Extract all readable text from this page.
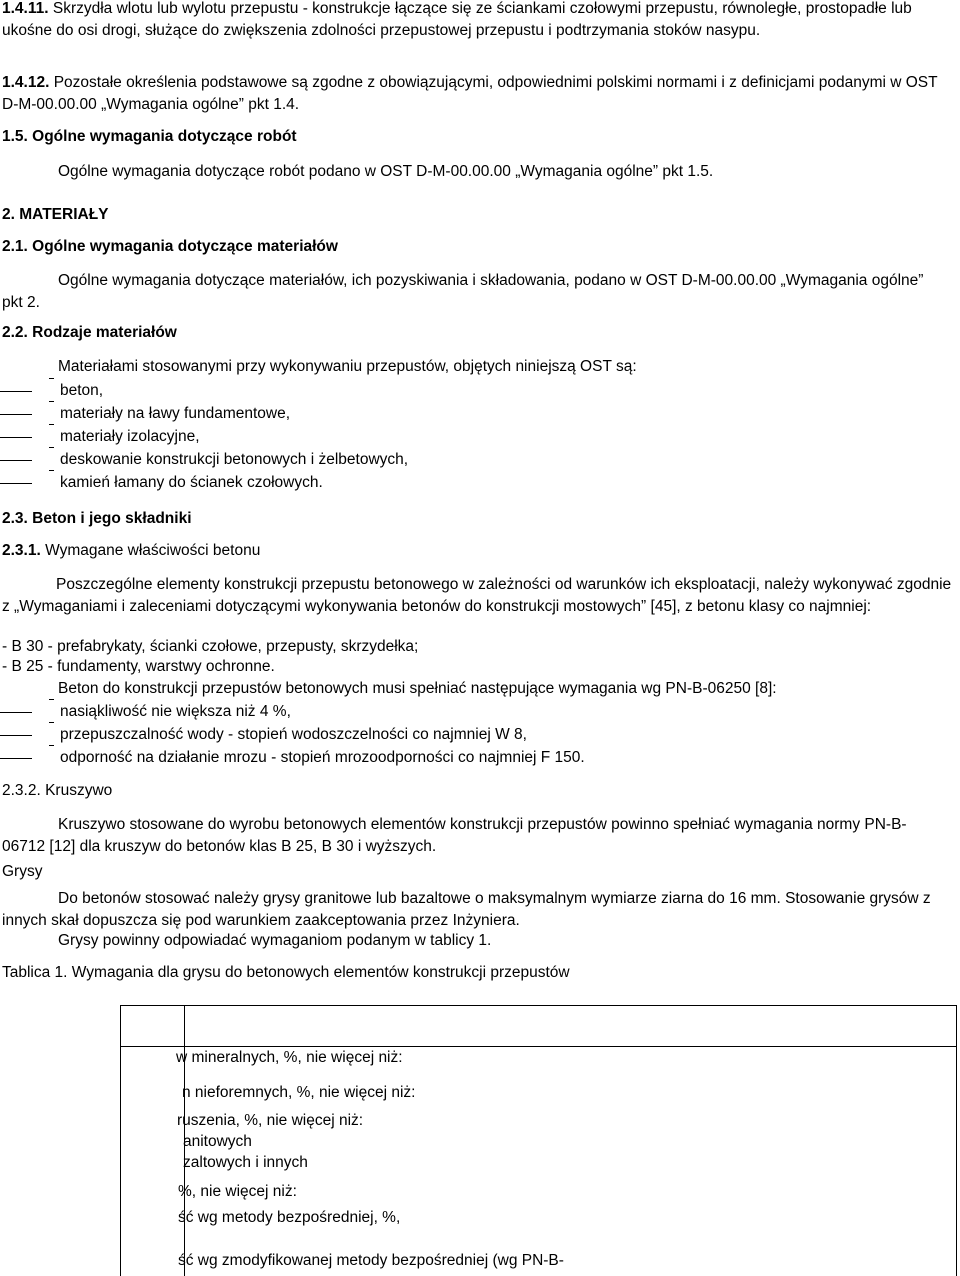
1.4.11. Skrzydła wlotu lub wylotu przepustu - konstrukcje łączące się ze ściankami czołowymi przepustu, równoległe, prostopadłe lub ukośne do osi drogi, służące do zwiększenia zdolności przepustowej przepustu i podtrzymania stoków nasypu.

1.4.12. Pozostałe określenia podstawowe są zgodne z obowiązującymi, odpowiednimi polskimi normami i z definicjami podanymi w OST D-M-00.00.00 „Wymagania ogólne” pkt 1.4.

1.5. Ogólne wymagania dotyczące robót

Ogólne wymagania dotyczące robót podano w OST D-M-00.00.00 „Wymagania ogólne” pkt 1.5.

2. MATERIAŁY

2.1. Ogólne wymagania dotyczące materiałów

Ogólne wymagania dotyczące materiałów, ich pozyskiwania i składowania, podano w OST D-M-00.00.00 „Wymagania ogólne” pkt 2.

2.2. Rodzaje materiałów

Materiałami stosowanymi przy wykonywaniu przepustów, objętych niniejszą OST są:

beton,
materiały na ławy fundamentowe,
materiały izolacyjne,
deskowanie konstrukcji betonowych i żelbetowych,
kamień łamany do ścianek czołowych.

2.3. Beton i jego składniki

2.3.1. Wymagane właściwości betonu

Poszczególne elementy konstrukcji przepustu betonowego w zależności od warunków ich eksploatacji, należy wykonywać zgodnie z „Wymaganiami i zaleceniami dotyczącymi wykonywania betonów do konstrukcji mostowych” [45], z betonu klasy co najmniej:

- B 30 - prefabrykaty, ścianki czołowe, przepusty, skrzydełka;

- B 25 - fundamenty, warstwy ochronne.

Beton do konstrukcji przepustów betonowych musi spełniać następujące wymagania wg PN-B-06250 [8]:

nasiąkliwość nie większa niż 4 %,
przepuszczalność wody - stopień wodoszczelności co najmniej W 8,
odporność na działanie mrozu - stopień mrozoodporności co najmniej F 150.

2.3.2. Kruszywo

Kruszywo stosowane do wyrobu betonowych elementów konstrukcji przepustów powinno spełniać wymagania normy PN-B-06712 [12] dla kruszyw do betonów klas B 25, B 30 i wyższych.

Grysy

Do betonów stosować należy grysy granitowe lub bazaltowe o maksymalnym wymiarze ziarna do 16 mm. Stosowanie grysów z innych skał dopuszcza się pod warunkiem zaakceptowania przez Inżyniera.

Grysy powinny odpowiadać wymaganiom podanym w tablicy 1.

Tablica 1. Wymagania dla grysu do betonowych elementów konstrukcji przepustów

w mineralnych, %, nie więcej niż:
n nieforemnych, %, nie więcej niż:
ruszenia, %, nie więcej niż:
anitowych
zaltowych i innych
%, nie więcej niż:
ść wg metody bezpośredniej, %,
ść wg zmodyfikowanej metody bezpośredniej (wg PN-B-
